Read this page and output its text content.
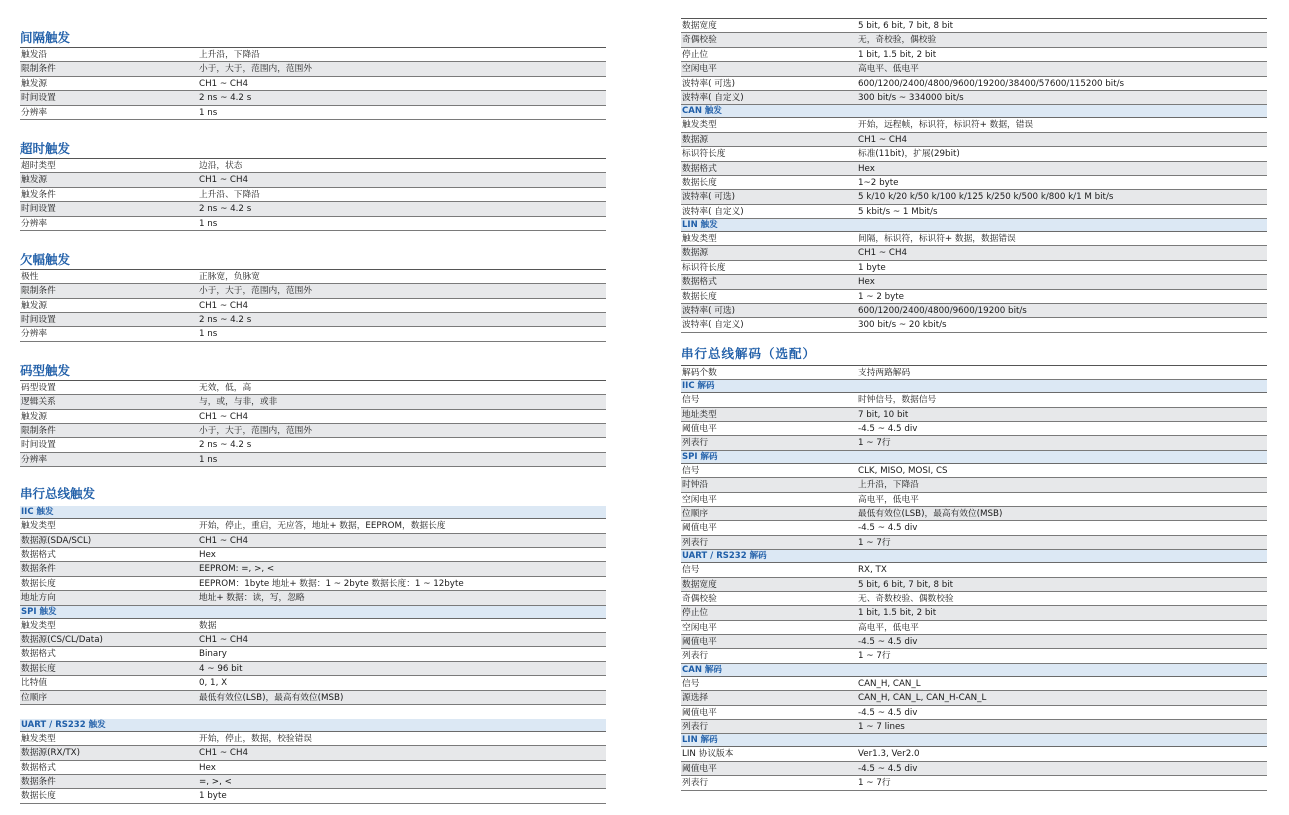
间隔触发
触发沿	上升沿，下降沿
限制条件	小于，大于，范围内，范围外
触发源	CH1 ~ CH4
时间设置	2 ns ~ 4.2 s
分辨率	1 ns
超时触发
超时类型	边沿，状态
触发源	CH1 ~ CH4
触发条件	上升沿、下降沿
时间设置	2 ns ~ 4.2 s
分辨率	1 ns
欠幅触发
极性	正脉宽，负脉宽
限制条件	小于，大于，范围内，范围外
触发源	CH1 ~ CH4
时间设置	2 ns ~ 4.2 s
分辨率	1 ns
码型触发
码型设置	无效，低，高
逻辑关系	与，或，与非，或非
触发源	CH1 ~ CH4
限制条件	小于，大于，范围内，范围外
时间设置	2 ns ~ 4.2 s
分辨率	1 ns
串行总线触发
IIC 触发
触发类型	开始，停止，重启，无应答，地址+ 数据，EEPROM，数据长度
数据源(SDA/SCL)	CH1 ~ CH4
数据格式	Hex
数据条件	EEPROM: =, >, <
数据长度	EEPROM：1byte 地址+ 数据：1 ~ 2byte 数据长度：1 ~ 12byte
地址方向	地址+ 数据：读，写，忽略
SPI 触发
触发类型	数据
数据源(CS/CL/Data)	CH1 ~ CH4
数据格式	Binary
数据长度	4 ~ 96 bit
比特值	0, 1, X
位顺序	最低有效位(LSB)，最高有效位(MSB)
UART / RS232 触发
触发类型	开始，停止，数据，校验错误
数据源(RX/TX)	CH1 ~ CH4
数据格式	Hex
数据条件	=, >, <
数据长度	1 byte
数据宽度	5 bit, 6 bit, 7 bit, 8 bit
奇偶校验	无，奇校验，偶校验
停止位	1 bit, 1.5 bit, 2 bit
空闲电平	高电平、低电平
波特率( 可选)	600/1200/2400/4800/9600/19200/38400/57600/115200 bit/s
波特率( 自定义)	300 bit/s ~ 334000 bit/s
CAN 触发
触发类型	开始，远程帧，标识符，标识符+ 数据，错误
数据源	CH1 ~ CH4
标识符长度	标准(11bit)，扩展(29bit)
数据格式	Hex
数据长度	1~2 byte
波特率( 可选)	5 k/10 k/20 k/50 k/100 k/125 k/250 k/500 k/800 k/1 M bit/s
波特率( 自定义)	5 kbit/s ~ 1 Mbit/s
LIN 触发
触发类型	间隔，标识符，标识符+ 数据，数据错误
数据源	CH1 ~ CH4
标识符长度	1 byte
数据格式	Hex
数据长度	1 ~ 2 byte
波特率( 可选)	600/1200/2400/4800/9600/19200 bit/s
波特率( 自定义)	300 bit/s ~ 20 kbit/s
串行总线解码（选配）
解码个数	支持两路解码
IIC 解码
信号	时钟信号，数据信号
地址类型	7 bit, 10 bit
阈值电平	-4.5 ~ 4.5 div
列表行	1 ~ 7行
SPI 解码
信号	CLK, MISO, MOSI, CS
时钟沿	上升沿，下降沿
空闲电平	高电平，低电平
位顺序	最低有效位(LSB)，最高有效位(MSB)
阈值电平	-4.5 ~ 4.5 div
列表行	1 ~ 7行
UART / RS232 解码
信号	RX, TX
数据宽度	5 bit, 6 bit, 7 bit, 8 bit
奇偶校验	无、奇数校验、偶数校验
停止位	1 bit, 1.5 bit, 2 bit
空闲电平	高电平，低电平
阈值电平	-4.5 ~ 4.5 div
列表行	1 ~ 7行
CAN 解码
信号	CAN_H, CAN_L
源选择	CAN_H, CAN_L, CAN_H-CAN_L
阈值电平	-4.5 ~ 4.5 div
列表行	1 ~ 7 lines
LIN 解码
LIN 协议版本	Ver1.3, Ver2.0
阈值电平	-4.5 ~ 4.5 div
列表行	1 ~ 7行
